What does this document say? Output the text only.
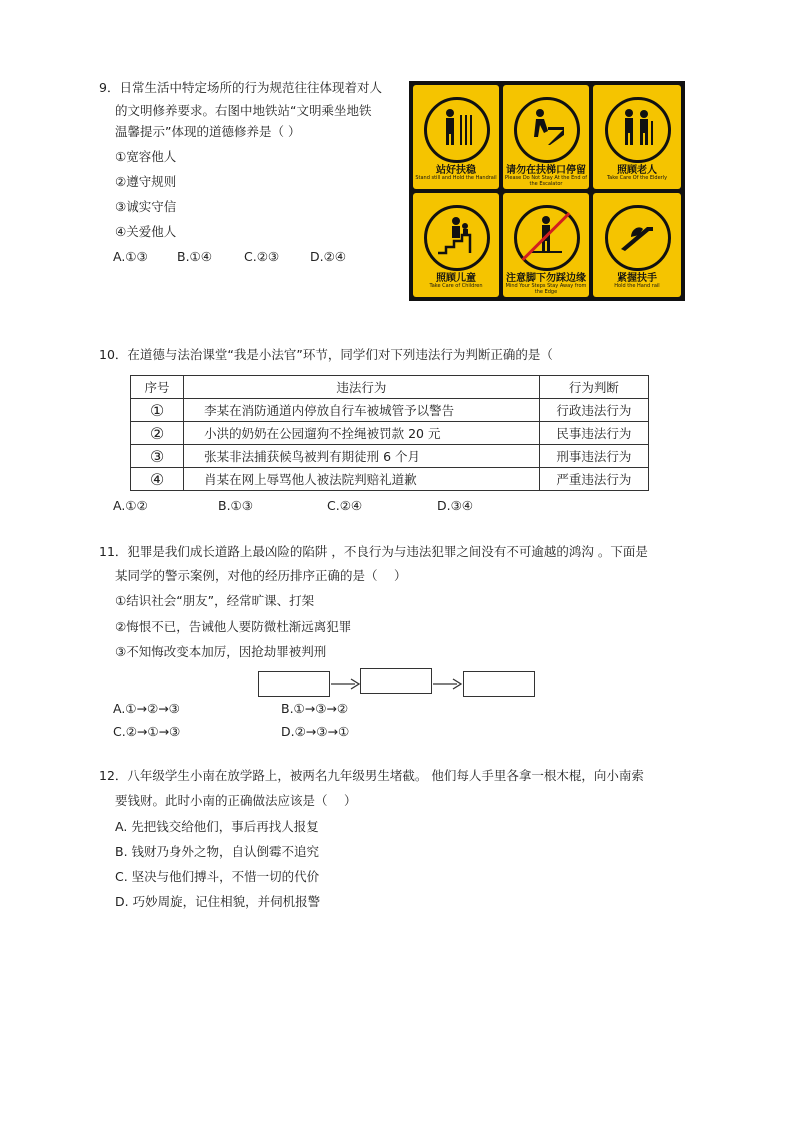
9．日常生活中特定场所的行为规范往往体现着对人
的文明修养要求。右图中地铁站“文明乘坐地铁
温馨提示”体现的道德修养是（ ）
①宽容他人
②遵守规则
③诚实守信
④关爱他人
A.①③ B.①④	C.②③ D.②④
站好扶稳
Stand still and Hold the Handrail
请勿在扶梯口停留
Please Do Not Stay At the End of the Escalator
照顾老人
Take Care Of the Elderly
照顾儿童
Take Care of Children
注意脚下勿踩边缘
Mind Your Steps Stay Away from the Edge
紧握扶手
Hold the Hand rail
10．在道德与法治课堂“我是小法官”环节，同学们对下列违法行为判断正确的是（
序号	违法行为	行为判断
①	李某在消防通道内停放自行车被城管予以警告	行政违法行为
②	小洪的奶奶在公园遛狗不拴绳被罚款 20 元	民事违法行为
③	张某非法捕获候鸟被判有期徒刑 6 个月	刑事违法行为
④	肖某在网上辱骂他人被法院判赔礼道歉	严重违法行为
A.①②	B.①③	C.②④	D.③④
11．犯罪是我们成长道路上最凶险的陷阱 ，不良行为与违法犯罪之间没有不可逾越的鸿沟 。下面是
某同学的警示案例，对他的经历排序正确的是（　 ）
①结识社会“朋友”，经常旷课、打架
②悔恨不已，告诫他人要防微杜渐远离犯罪
③不知悔改变本加厉，因抢劫罪被判刑
A.①→②→③	B.①→③→②
C.②→①→③	D.②→③→①
12．八年级学生小南在放学路上，被两名九年级男生堵截。 他们每人手里各拿一根木棍，向小南索
要钱财。此时小南的正确做法应该是（　 ）
A. 先把钱交给他们，事后再找人报复
B. 钱财乃身外之物，自认倒霉不追究
C. 坚决与他们搏斗，不惜一切的代价
D. 巧妙周旋，记住相貌，并伺机报警
